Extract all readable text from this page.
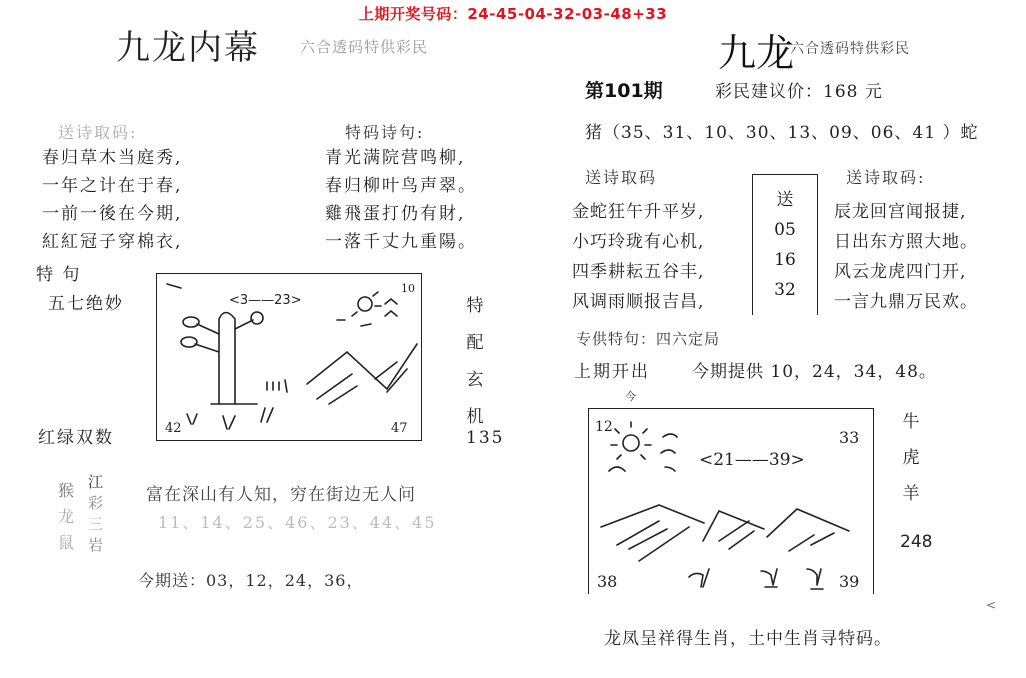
上期开奖号码：24-45-04-32-03-48+33
九龙内幕	六合透码特供彩民
送诗取码:
春归草木当庭秀,
一年之计在于春,
一前一後在今期,
紅紅冠子穿棉衣,
特码诗句:
青光满院营鸣柳,
春归柳叶鸟声翠。
雞飛蛋打仍有財,
一落千丈九重陽。
特 句
五七绝妙	<3——23>
10
42	47
特
配
玄
机
135
红绿双数
猴
龙
鼠
江
彩
三
岩
富在深山有人知，穷在街边无人问
11、14、25、46、23、44、45
今期送：03，12，24，36，
九龙
六合透码特供彩民
第101期	彩民建议价：168 元
猪（35、31、10、30、13、09、06、41 ）蛇
送诗取码
金蛇狂午升平岁,
小巧玲珑有心机,
四季耕耘五谷丰,
风调雨顺报吉昌,
送
05
16
32
送诗取码:
辰龙回宫闻报捷,
日出东方照大地。
风云龙虎四门开,
一言九鼎万民欢。
专供特句：四六定局
上期开出 今期提供 10，24，34，48。
今
<21——39>
12
33
38	39
牛
虎
羊
248
<
龙凤呈祥得生肖，土中生肖寻特码。
